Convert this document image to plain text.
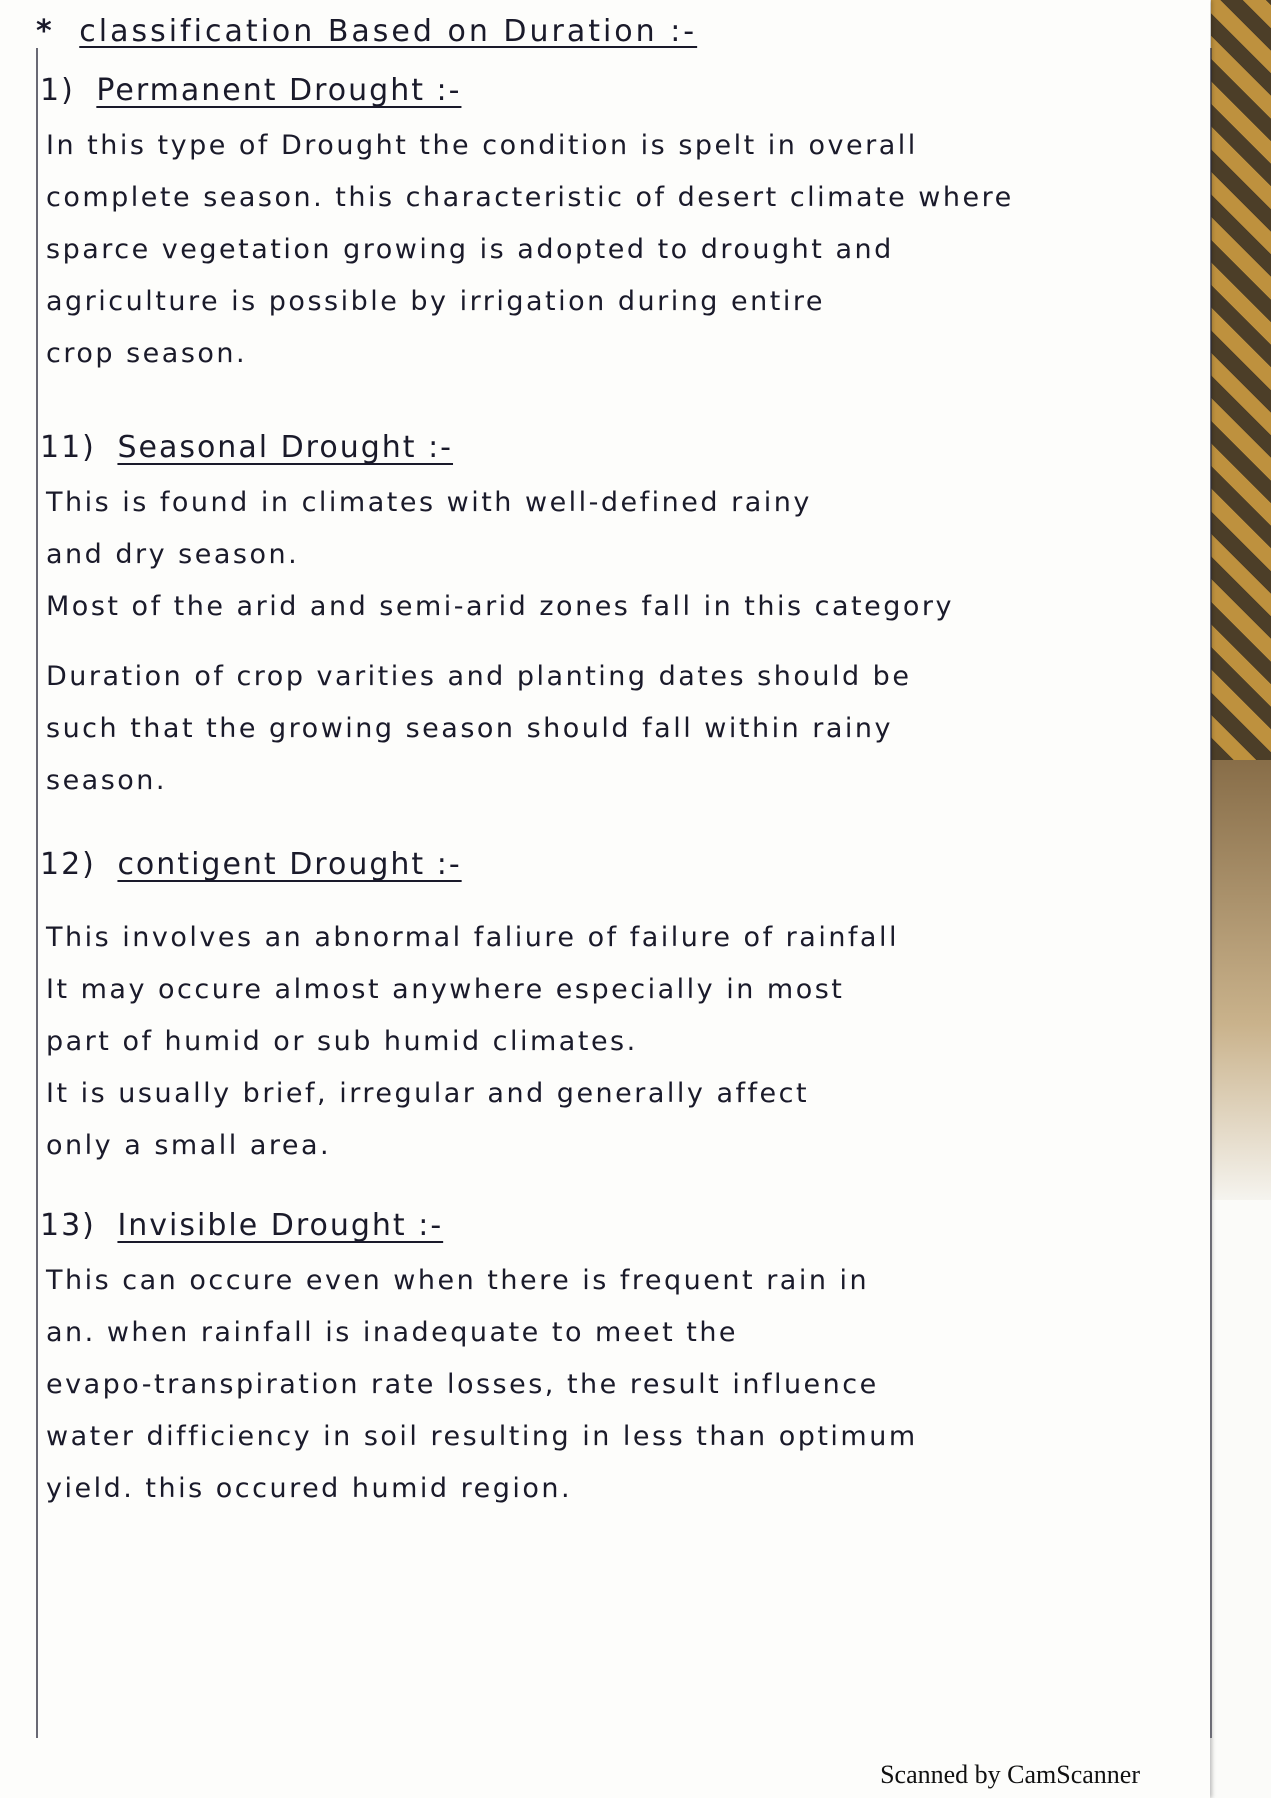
* classification Based on Duration :-
1) Permanent Drought :-
In this type of Drought the condition is spelt in overall
complete season. this characteristic of desert climate where
sparce vegetation growing is adopted to drought and
agriculture is possible by irrigation during entire
crop season.
11) Seasonal Drought :-
This is found in climates with well-defined rainy
and dry season.
Most of the arid and semi-arid zones fall in this category
Duration of crop varities and planting dates should be
such that the growing season should fall within rainy
season.
12) contigent Drought :-
This involves an abnormal faliure of failure of rainfall
It may occure almost anywhere especially in most
part of humid or sub humid climates.
It is usually brief, irregular and generally affect
only a small area.
13) Invisible Drought :-
This can occure even when there is frequent rain in
an. when rainfall is inadequate to meet the
evapo-transpiration rate losses, the result influence
water difficiency in soil resulting in less than optimum
yield. this occured humid region.
Scanned by CamScanner
